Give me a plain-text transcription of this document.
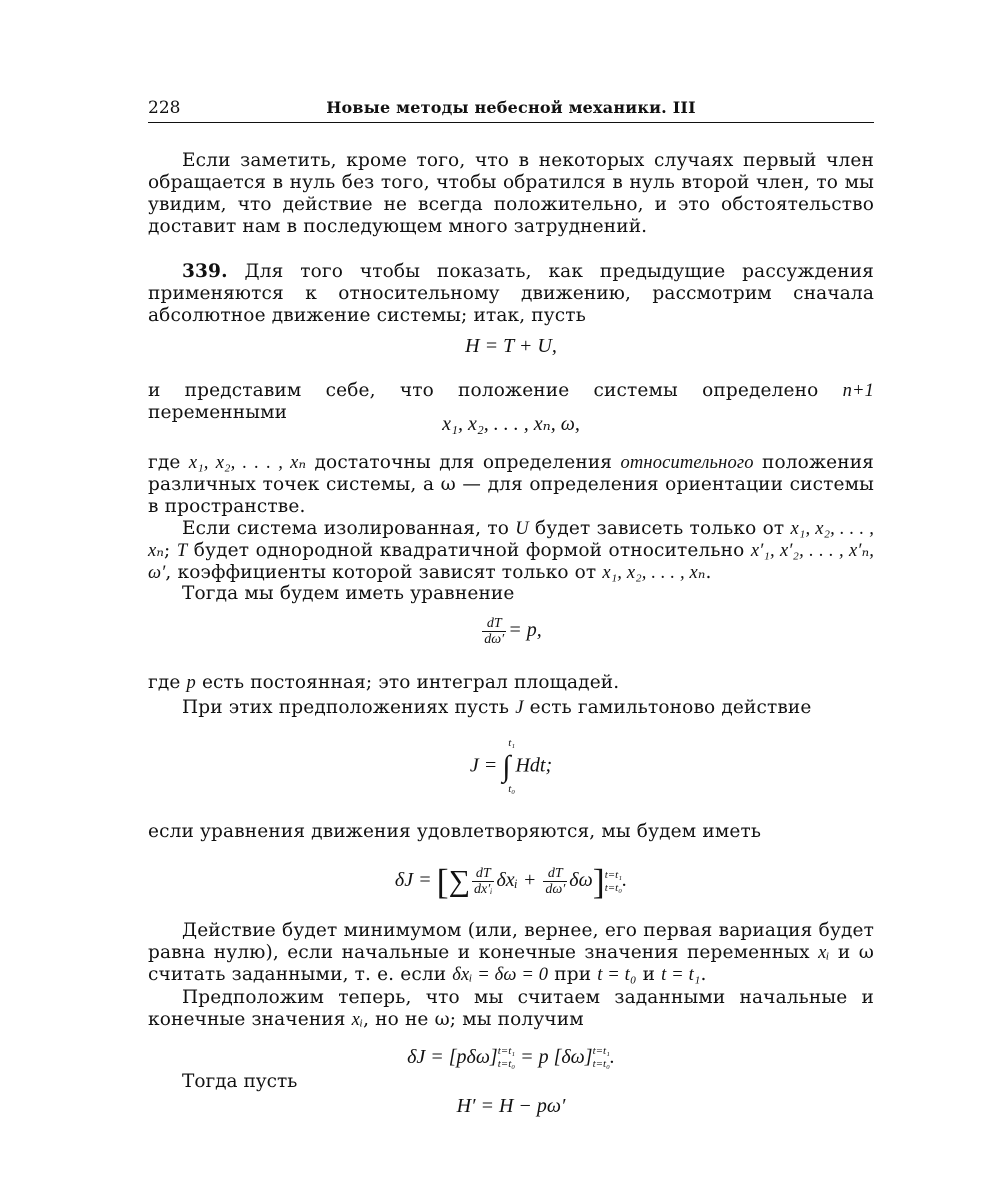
228	Новые методы небесной механики. III

Если заметить, кроме того, что в некоторых случаях первый член обращается в нуль без того, чтобы обратился в нуль второй член, то мы увидим, что действие не всегда положительно, и это обстоятельство доставит нам в последующем много затруднений.

339. Для того чтобы показать, как предыдущие рассуждения применяются к относительному движению, рассмотрим сначала абсолютное движение системы; итак, пусть

H = T + U,

и представим себе, что положение системы определено n+1 переменными

x₁, x₂, . . . , xₙ, ω,

где x₁, x₂, . . . , xₙ достаточны для определения относительного положения различных точек системы, а ω — для определения ориентации системы в пространстве.

Если система изолированная, то U будет зависеть только от x₁, x₂, . . . , xₙ; T будет однородной квадратичной формой относительно x′₁, x′₂, . . . , x′ₙ, ω′, коэффициенты которой зависят только от x₁, x₂, . . . , xₙ.

Тогда мы будем иметь уравнение

$\frac{dT}{d\omega'} = p$,

где p есть постоянная; это интеграл площадей.

При этих предположениях пусть J есть гамильтоново действие

J = ∫
t₁
t₀
Hdt;

если уравнения движения удовлетворяются, мы будем иметь

δJ = [∑ $\frac{dT}{\text{dx′ᵢ}}$ δxᵢ + $\frac{dT}{d\omega'} \delta\omega$] t=t₁
t=t₀ .

Действие будет минимумом (или, вернее, его первая вариация будет равна нулю), если начальные и конечные значения переменных xᵢ и ω считать заданными, т. е. если δxᵢ = δω = 0 при t = t₀ и t = t₁.

Предположим теперь, что мы считаем заданными начальные и конечные значения xᵢ, но не ω; мы получим

δJ = [pδω] t=t₁
t=t₀ = p [δω] t=t₁
t=t₀ .
Тогда пусть
H′ = H − pω′
